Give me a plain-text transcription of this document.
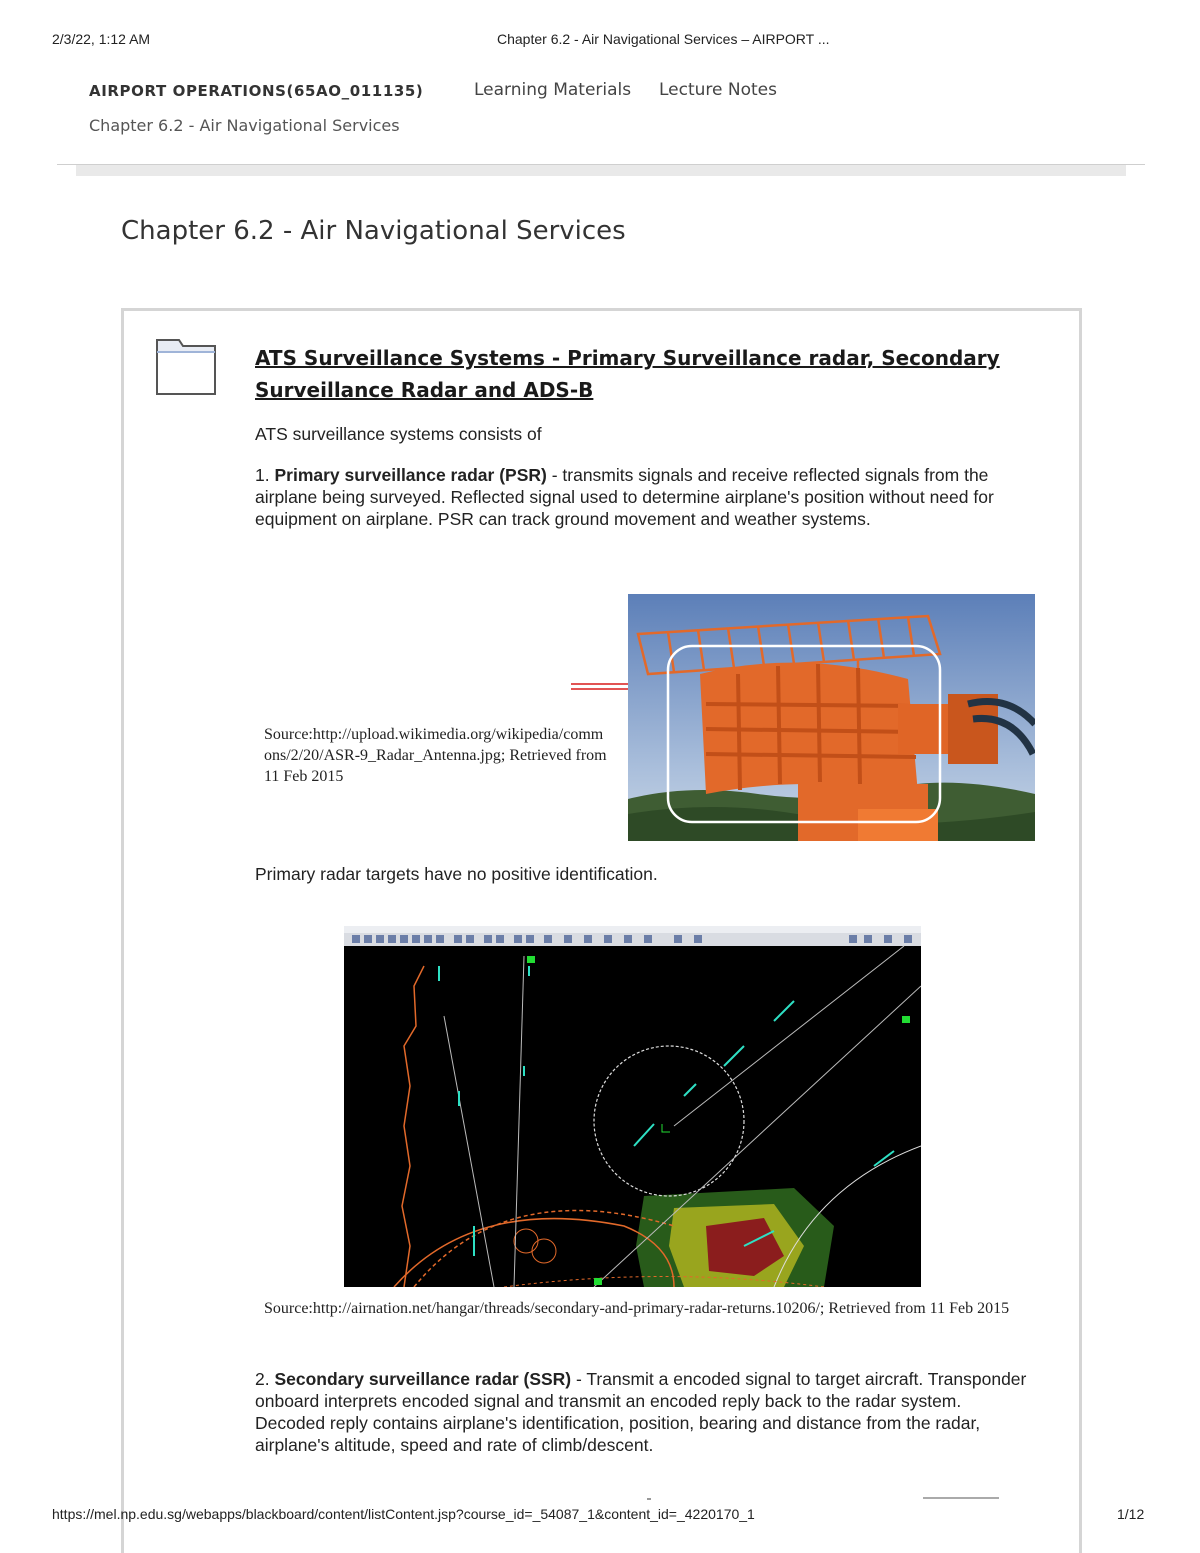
2/3/22, 1:12 AM	Chapter 6.2 - Air Navigational Services – AIRPORT ...
AIRPORT OPERATIONS(65AO_011135)	Learning Materials Lecture Notes
Chapter 6.2 - Air Navigational Services
Chapter 6.2 - Air Navigational Services
ATS Surveillance Systems - Primary Surveillance radar, Secondary Surveillance Radar and ADS-B

ATS surveillance systems consists of

1. Primary surveillance radar (PSR) - transmits signals and receive reflected signals from the airplane being surveyed. Reflected signal used to determine airplane's position without need for equipment on airplane. PSR can track ground movement and weather systems.

Source:http://upload.wikimedia.org/wikipedia/commons/2/20/ASR-9_Radar_Antenna.jpg; Retrieved from 11 Feb 2015

Primary radar targets have no positive identification.

Source:http://airnation.net/hangar/threads/secondary-and-primary-radar-returns.10206/; Retrieved from 11 Feb 2015

2. Secondary surveillance radar (SSR) - Transmit a encoded signal to target aircraft. Transponder onboard interprets encoded signal and transmit an encoded reply back to the radar system. Decoded reply contains airplane's identification, position, bearing and distance from the radar, airplane's altitude, speed and rate of climb/descent.

https://mel.np.edu.sg/webapps/blackboard/content/listContent.jsp?course_id=_54087_1&content_id=_4220170_1	1/12
